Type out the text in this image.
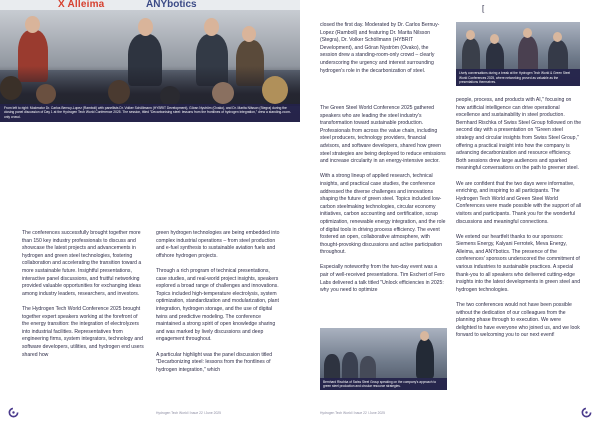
X Alleima	ANYbotics
From left to right: Moderator Dr. Carlos Bernuy-Lopez (Ramboll) with panellists Dr. Volker Schöllmann (HYBRIT Development), Göran Nyström (Ovako), and Dr. Marita Nilsson (Stegra) during the closing panel discussion of Day 1 at the Hydrogen Tech World Conference 2025. The session, titled "Decarbonising steel: lessons from the frontlines of hydrogen integration," drew a standing-room-only crowd.

The conferences successfully brought together more than 150 key industry professionals to discuss and showcase the latest projects and advancements in hydrogen and green steel technologies, fostering collaboration and accelerating the transition toward a more sustainable future. Insightful presentations, interactive panel discussions, and fruitful networking provided valuable opportunities for exchanging ideas among industry leaders, researchers, and investors.

The Hydrogen Tech World Conference 2025 brought together expert speakers working at the forefront of the energy transition: the integration of electrolyzers into industrial facilities. Representatives from engineering firms, system integrators, technology and software developers, utilities, and hydrogen end users shared how

green hydrogen technologies are being embedded into complex industrial operations – from steel production and e-fuel synthesis to sustainable aviation fuels and offshore hydrogen projects.

Through a rich program of technical presentations, case studies, and real-world project insights, speakers explored a broad range of challenges and innovations. Topics included high-temperature electrolysis, system optimization, standardization and modularization, plant integration, hydrogen storage, and the use of digital twins and predictive modeling. The conference maintained a strong spirit of open knowledge sharing and was marked by lively discussions and deep engagement throughout.

A particular highlight was the panel discussion titled "Decarbonizing steel: lessons from the frontlines of hydrogen integration," which

Hydrogen Tech World I Issue 22 I June 2025
[

closed the first day. Moderated by Dr. Carlos Bernuy-Lopez (Ramboll) and featuring Dr. Marita Nilsson (Stegra), Dr. Volker Schöllmann (HYBRIT Development), and Göran Nyström (Ovako), the session drew a standing-room-only crowd – clearly underscoring the urgency and interest surrounding hydrogen's role in the decarbonization of steel.

The Green Steel World Conference 2025 gathered speakers who are leading the steel industry's transformation toward sustainable production. Professionals from across the value chain, including steel producers, technology providers, financial advisors, and software developers, shared how green steel strategies are being deployed to reduce emissions and increase circularity in an energy-intensive sector.

With a strong lineup of applied research, technical insights, and practical case studies, the conference addressed the diverse challenges and innovations shaping the future of green steel. Topics included low-carbon steelmaking technologies, circular economy initiatives, carbon accounting and certification, scrap optimization, renewable energy integration, and the role of digital tools in driving process efficiency. The event fostered an open, collaborative atmosphere, with thought-provoking discussions and active participation throughout.

Especially noteworthy from the two-day event was a pair of well-received presentations. Tim Eschert of Fero Labs delivered a talk titled "Unlock efficiencies in 2025: why you need to optimize

Lively conversations during a break at the Hydrogen Tech World & Green Steel World Conferences 2025, where networking proved as valuable as the presentations themselves.

people, process, and products with AI," focusing on how artificial intelligence can drive operational excellence and sustainability in steel production. Bernhard Rischka of Swiss Steel Group followed on the second day with a presentation on "Green steel strategy and circular insights from Swiss Steel Group," offering a practical insight into how the company is advancing decarbonization and resource efficiency. Both sessions drew large audiences and sparked meaningful conversations on the path to greener steel.

We are confident that the two days were informative, enriching, and inspiring to all participants. The Hydrogen Tech World and Green Steel World Conferences were made possible with the support of all visitors and participants. Thank you for the wonderful discussions and meaningful connections.

We extend our heartfelt thanks to our sponsors: Siemens Energy, Kalyani Ferrotek, Meva Energy, Alleima, and ANYbotics. The presence of the conferences' sponsors underscored the commitment of various industries to sustainable practices. A special thank-you to all speakers who delivered cutting-edge insights into the latest developments in green steel and hydrogen technologies.

The two conferences would not have been possible without the dedication of our colleagues from the planning phase through to execution. We were delighted to have everyone who joined us, and we look forward to welcoming you to our next event!

Bernhard Rischka of Swiss Steel Group speaking on the company's approach to green steel production and circular resource strategies.
Hydrogen Tech World I Issue 22 I June 2025
